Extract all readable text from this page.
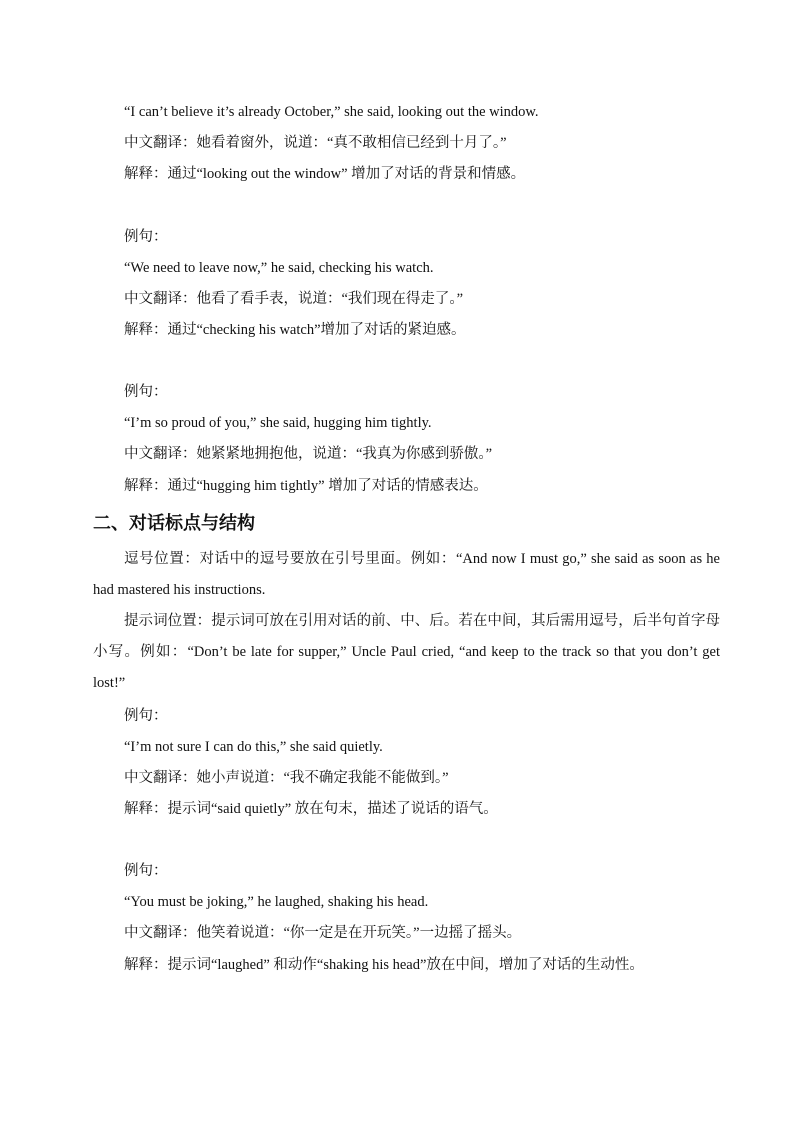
“I can’t believe it’s already October,” she said, looking out the window.
中文翻译：她看着窗外，说道：“真不敢相信已经到十月了。”
解释：通过“looking out the window” 增加了对话的背景和情感。
例句：
“We need to leave now,” he said, checking his watch.
中文翻译：他看了看手表，说道：“我们现在得走了。”
解释：通过“checking his watch”增加了对话的紧迫感。
例句：
“I’m so proud of you,” she said, hugging him tightly.
中文翻译：她紧紧地拥抱他，说道：“我真为你感到骄傲。”
解释：通过“hugging him tightly” 增加了对话的情感表达。
二、对话标点与结构
逗号位置：对话中的逗号要放在引号里面。例如：“And now I must go,” she said as soon as he had mastered his instructions.
提示词位置：提示词可放在引用对话的前、中、后。若在中间，其后需用逗号，后半句首字母小写。例如：“Don’t be late for supper,” Uncle Paul cried, “and keep to the track so that you don’t get lost!”
例句：
“I’m not sure I can do this,” she said quietly.
中文翻译：她小声说道：“我不确定我能不能做到。”
解释：提示词“said quietly” 放在句末，描述了说话的语气。
例句：
“You must be joking,” he laughed, shaking his head.
中文翻译：他笑着说道：“你一定是在开玩笑。”一边摇了摇头。
解释：提示词“laughed” 和动作“shaking his head”放在中间，增加了对话的生动性。
